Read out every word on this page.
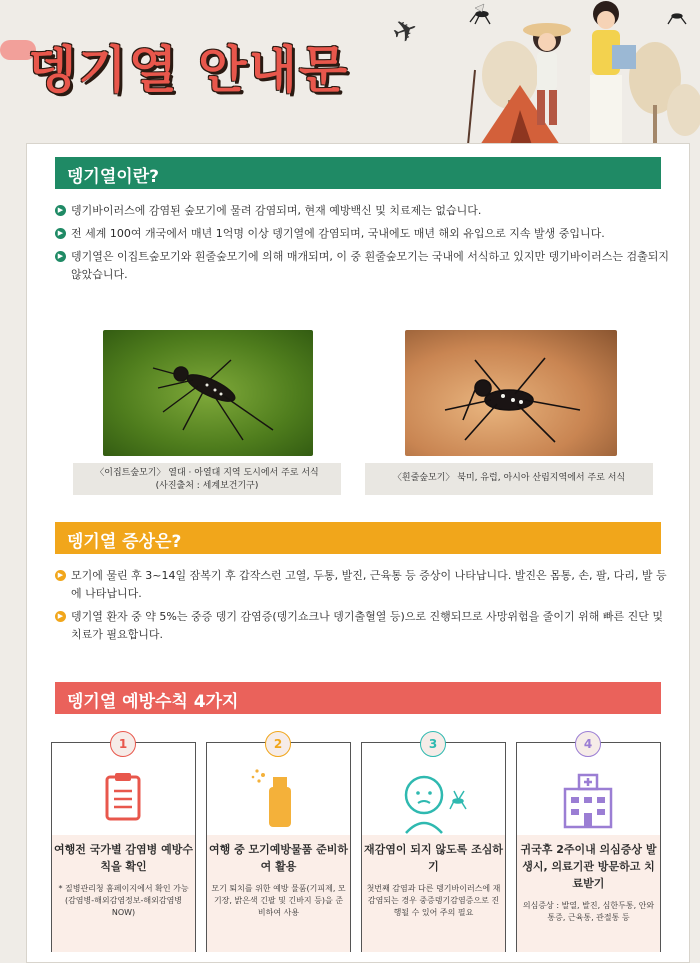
뎅기열 안내문
✈
뎅기열이란?
▶ 뎅기바이러스에 감염된 숲모기에 물려 감염되며, 현재 예방백신 및 치료제는 없습니다.
▶ 전 세계 100여 개국에서 매년 1억명 이상 뎅기열에 감염되며, 국내에도 매년 해외 유입으로 지속 발생 중입니다.
▶ 뎅기열은 이집트숲모기와 흰줄숲모기에 의해 매개되며, 이 중 흰줄숲모기는 국내에 서식하고 있지만 뎅기바이러스는 검출되지 않았습니다.
〈이집트숲모기〉 열대 · 아열대 지역 도시에서 주로 서식
(사진출처 : 세계보건기구)
〈흰줄숲모기〉 북미, 유럽, 아시아 산림지역에서 주로 서식
뎅기열 증상은?
▶ 모기에 물린 후 3~14일 잠복기 후 갑작스런 고열, 두통, 발진, 근육통 등 증상이 나타납니다. 발진은 몸통, 손, 팔, 다리, 발 등에 나타납니다.
▶ 뎅기열 환자 중 약 5%는 중증 뎅기 감염증(뎅기쇼크나 뎅기출혈열 등)으로 진행되므로 사망위험을 줄이기 위해 빠른 진단 및 치료가 필요합니다.
뎅기열 예방수칙 4가지
1
여행전 국가별 감염병 예방수칙을 확인
* 질병관리청 홈페이지에서 확인 가능 (감염병-해외감염정보-해외감염병NOW)
2
여행 중 모기예방물품 준비하여 활용
모기 퇴치를 위한 예방 물품(기피제, 모기장, 밝은색 긴팔 및 긴바지 등)을 준비하여 사용
3
재감염이 되지 않도록 조심하기
첫번째 감염과 다른 뎅기바이러스에 재감염되는 경우 중증뎅기감염증으로 진행될 수 있어 주의 필요
4
귀국후 2주이내 의심증상 발생시, 의료기관 방문하고 치료받기
의심증상 : 발열, 발진, 심한두통, 안와통증, 근육통, 관절통 등
